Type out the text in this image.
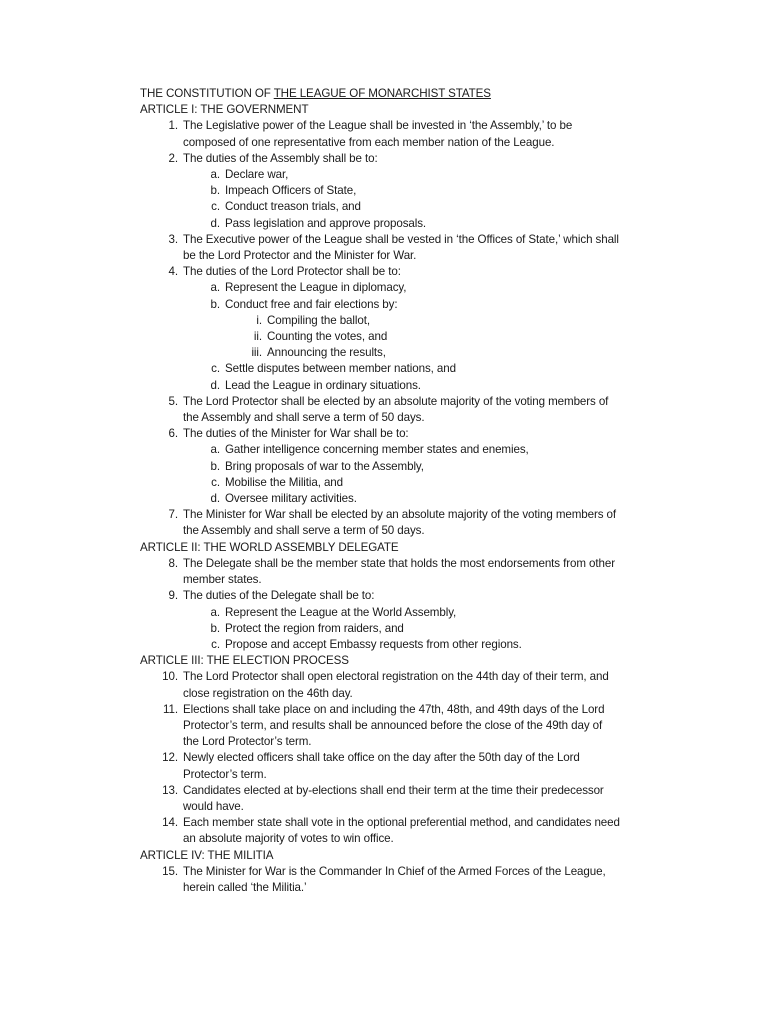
THE CONSTITUTION OF THE LEAGUE OF MONARCHIST STATES
ARTICLE I: THE GOVERNMENT
1. The Legislative power of the League shall be invested in ‘the Assembly,’ to be
composed of one representative from each member nation of the League.
2. The duties of the Assembly shall be to:
a. Declare war,
b. Impeach Officers of State,
c. Conduct treason trials, and
d. Pass legislation and approve proposals.
3. The Executive power of the League shall be vested in ‘the Offices of State,’ which shall
be the Lord Protector and the Minister for War.
4. The duties of the Lord Protector shall be to:
a. Represent the League in diplomacy,
b. Conduct free and fair elections by:
i. Compiling the ballot,
ii. Counting the votes, and
iii. Announcing the results,
c. Settle disputes between member nations, and
d. Lead the League in ordinary situations.
5. The Lord Protector shall be elected by an absolute majority of the voting members of
the Assembly and shall serve a term of 50 days.
6. The duties of the Minister for War shall be to:
a. Gather intelligence concerning member states and enemies,
b. Bring proposals of war to the Assembly,
c. Mobilise the Militia, and
d. Oversee military activities.
7. The Minister for War shall be elected by an absolute majority of the voting members of
the Assembly and shall serve a term of 50 days.
ARTICLE II: THE WORLD ASSEMBLY DELEGATE
8. The Delegate shall be the member state that holds the most endorsements from other
member states.
9. The duties of the Delegate shall be to:
a. Represent the League at the World Assembly,
b. Protect the region from raiders, and
c. Propose and accept Embassy requests from other regions.
ARTICLE III: THE ELECTION PROCESS
10. The Lord Protector shall open electoral registration on the 44th day of their term, and
close registration on the 46th day.
11. Elections shall take place on and including the 47th, 48th, and 49th days of the Lord
Protector’s term, and results shall be announced before the close of the 49th day of
the Lord Protector’s term.
12. Newly elected officers shall take office on the day after the 50th day of the Lord
Protector’s term.
13. Candidates elected at by-elections shall end their term at the time their predecessor
would have.
14. Each member state shall vote in the optional preferential method, and candidates need
an absolute majority of votes to win office.
ARTICLE IV: THE MILITIA
15. The Minister for War is the Commander In Chief of the Armed Forces of the League,
herein called ‘the Militia.’
